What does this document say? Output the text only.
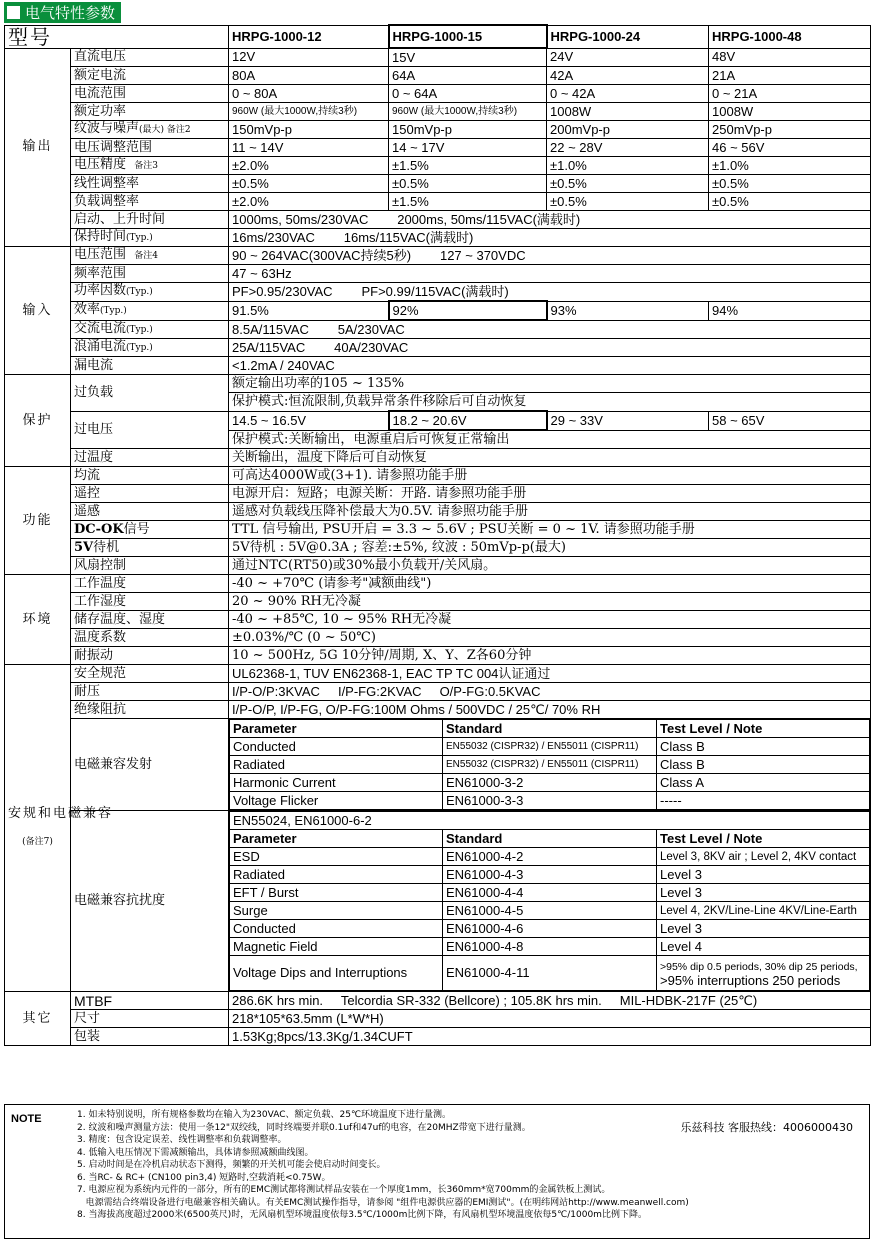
电气特性参数
型号	HRPG-1000-12	HRPG-1000-15	HRPG-1000-24	HRPG-1000-48
输出	直流电压	12V	15V	24V	48V
额定电流	80A	64A	42A	21A
电流范围	0 ~ 80A	0 ~ 64A	0 ~ 42A	0 ~ 21A
额定功率	960W (最大1000W,持续3秒)	960W (最大1000W,持续3秒)	1008W	1008W
纹波与噪声(最大) 备注2	150mVp-p	150mVp-p	200mVp-p	250mVp-p
电压调整范围	11 ~ 14V	14 ~ 17V	22 ~ 28V	46 ~ 56V
电压精度 备注3	±2.0%	±1.5%	±1.0%	±1.0%
线性调整率	±0.5%	±0.5%	±0.5%	±0.5%
负载调整率	±2.0%	±1.5%	±0.5%	±0.5%
启动、上升时间	1000ms, 50ms/230VAC        2000ms, 50ms/115VAC(满载时)
保持时间(Typ.)	16ms/230VAC        16ms/115VAC(满载时)
输入	电压范围 备注4	90 ~ 264VAC(300VAC持续5秒)        127 ~ 370VDC
频率范围	47 ~ 63Hz
功率因数(Typ.)	PF>0.95/230VAC        PF>0.99/115VAC(满载时)
效率(Typ.)	91.5%	92%	93%	94%
交流电流(Typ.)	8.5A/115VAC        5A/230VAC
浪涌电流(Typ.)	25A/115VAC        40A/230VAC
漏电流	<1.2mA / 240VAC
保护	过负载	额定输出功率的105 ~ 135%
保护模式:恒流限制,负载异常条件移除后可自动恢复
过电压	14.5 ~ 16.5V	18.2 ~ 20.6V	29 ~ 33V	58 ~ 65V
保护模式:关断输出，电源重启后可恢复正常输出
过温度	关断输出，温度下降后可自动恢复
功能	均流	可高达4000W或(3+1). 请参照功能手册
遥控	电源开启：短路；电源关断：开路. 请参照功能手册
遥感	遥感对负载线压降补偿最大为0.5V. 请参照功能手册
DC-OK信号	TTL 信号输出, PSU开启 = 3.3 ~ 5.6V ; PSU关断 = 0 ~ 1V. 请参照功能手册
5V待机	5V待机 : 5V@0.3A ; 容差:±5%, 纹波 : 50mVp-p(最大)
风扇控制	通过NTC(RT50)或30%最小负载开/关风扇。
环境	工作温度	-40 ~ +70℃ (请参考"减额曲线")
工作湿度	20 ~ 90% RH无冷凝
储存温度、湿度	-40 ~ +85℃, 10 ~ 95% RH无冷凝
温度系数	±0.03%/℃ (0 ~ 50℃)
耐振动	10 ~ 500Hz, 5G 10分钟/周期, X、Y、Z各60分钟
安规和电磁兼容
(备注7)	安全规范	UL62368-1, TUV EN62368-1, EAC TP TC 004认证通过
耐压	I/P-O/P:3KVAC     I/P-FG:2KVAC     O/P-FG:0.5KVAC
绝缘阻抗	I/P-O/P, I/P-FG, O/P-FG:100M Ohms / 500VDC / 25℃/ 70% RH
电磁兼容发射	
Parameter	Standard	Test Level / Note
Conducted	EN55032 (CISPR32) / EN55011 (CISPR11)	Class B
Radiated	EN55032 (CISPR32) / EN55011 (CISPR11)	Class B
Harmonic Current	EN61000-3-2	Class A
Voltage Flicker	EN61000-3-3	-----

电磁兼容抗扰度	
EN55024, EN61000-6-2
Parameter	Standard	Test Level / Note
ESD	EN61000-4-2	Level 3, 8KV air ; Level 2, 4KV contact
Radiated	EN61000-4-3	Level 3
EFT / Burst	EN61000-4-4	Level 3
Surge	EN61000-4-5	Level 4, 2KV/Line-Line 4KV/Line-Earth
Conducted	EN61000-4-6	Level 3
Magnetic Field	EN61000-4-8	Level 4
Voltage Dips and Interruptions	EN61000-4-11	>95% dip 0.5 periods, 30% dip 25 periods,
>95% interruptions 250 periods

其它	MTBF	286.6K hrs min.     Telcordia SR-332 (Bellcore) ; 105.8K hrs min.     MIL-HDBK-217F (25℃)
尺寸	218*105*63.5mm (L*W*H)
包装	1.53Kg;8pcs/13.3Kg/1.34CUFT
NOTE	1. 如未特别说明，所有规格参数均在输入为230VAC、额定负载、25℃环境温度下进行量测。
2. 纹波和噪声测量方法：使用一条12"双绞线，同时终端要并联0.1uf和47uf的电容，在20MHZ带宽下进行量测。
3. 精度：包含设定误差、线性调整率和负载调整率。
4. 低输入电压情况下需减额输出，具体请参照减额曲线图。
5. 启动时间是在冷机启动状态下测得，频繁的开关机可能会使启动时间变长。
6. 当RC- & RC+ (CN100 pin3,4) 短路时,空载消耗<0.75W。
7. 电源应视为系统内元件的一部分，所有的EMC测试都将测试样品安装在一个厚度1mm，长360mm*宽700mm的金属铁板上测试。
电源需结合终端设备进行电磁兼容相关确认。有关EMC测试操作指导，请参阅 "组件电源供应器的EMI测试"。(在明纬网站http://www.meanwell.com)
8. 当海拔高度超过2000米(6500英尺)时，无风扇机型环境温度依每3.5℃/1000m比例下降，有风扇机型环境温度依每5℃/1000m比例下降。
乐兹科技 客服热线：4006000430
